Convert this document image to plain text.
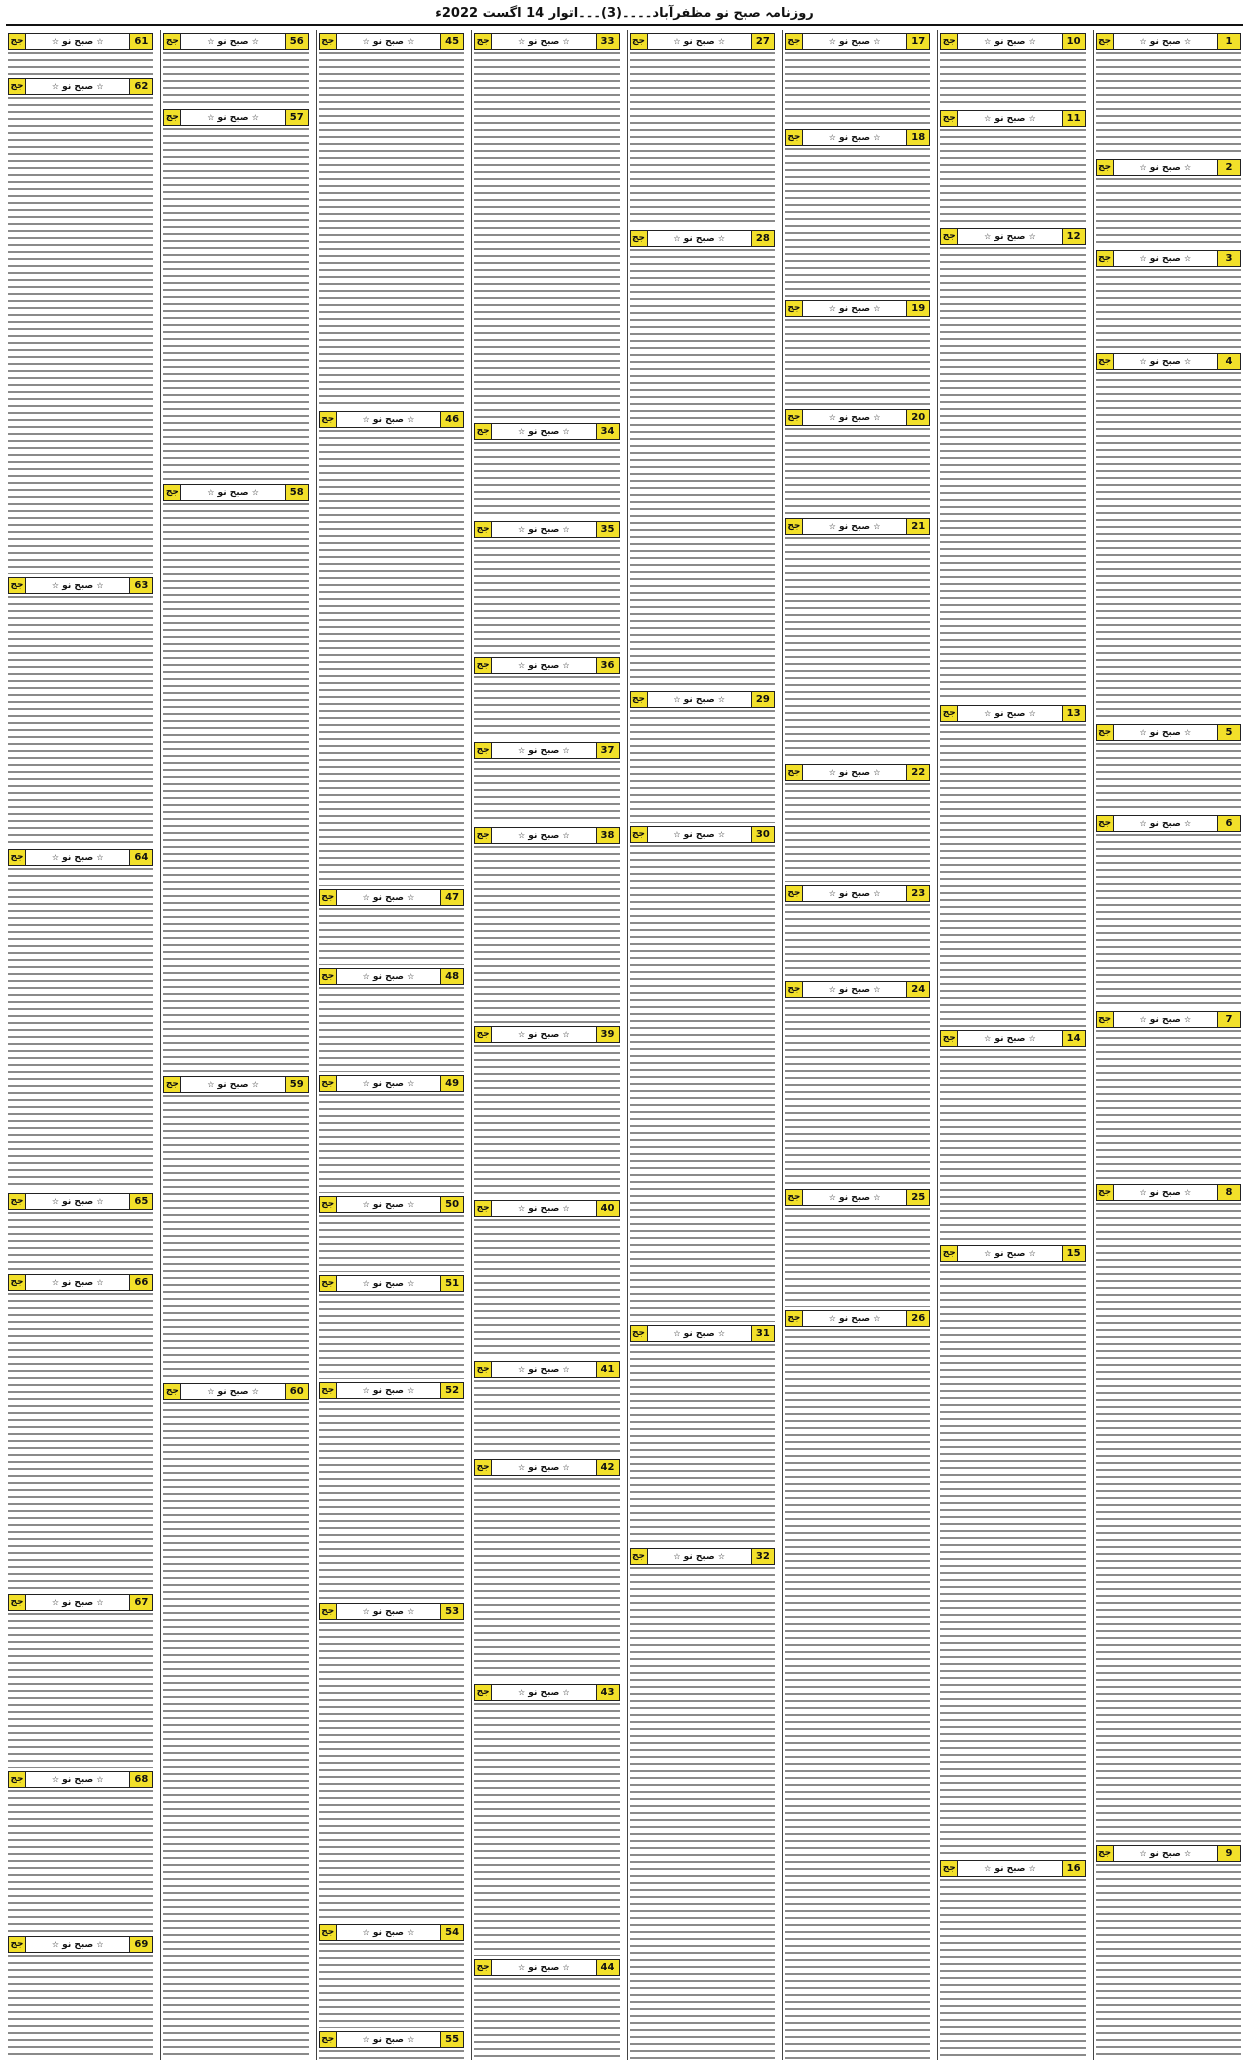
روزنامہ صبح نو مظفرآباد۔۔۔۔(3)۔۔۔اتوار 14 اگست 2022ء
1
☆ صبح نو ☆
جج
2
☆ صبح نو ☆
جج
3
☆ صبح نو ☆
جج
4
☆ صبح نو ☆
جج
5
☆ صبح نو ☆
جج
6
☆ صبح نو ☆
جج
7
☆ صبح نو ☆
جج
8
☆ صبح نو ☆
جج
9
☆ صبح نو ☆
جج
10
☆ صبح نو ☆
جج
11
☆ صبح نو ☆
جج
12
☆ صبح نو ☆
جج
13
☆ صبح نو ☆
جج
14
☆ صبح نو ☆
جج
15
☆ صبح نو ☆
جج
16
☆ صبح نو ☆
جج
17
☆ صبح نو ☆
جج
18
☆ صبح نو ☆
جج
19
☆ صبح نو ☆
جج
20
☆ صبح نو ☆
جج
21
☆ صبح نو ☆
جج
22
☆ صبح نو ☆
جج
23
☆ صبح نو ☆
جج
24
☆ صبح نو ☆
جج
25
☆ صبح نو ☆
جج
26
☆ صبح نو ☆
جج
27
☆ صبح نو ☆
جج
28
☆ صبح نو ☆
جج
29
☆ صبح نو ☆
جج
30
☆ صبح نو ☆
جج
31
☆ صبح نو ☆
جج
32
☆ صبح نو ☆
جج
33
☆ صبح نو ☆
جج
34
☆ صبح نو ☆
جج
35
☆ صبح نو ☆
جج
36
☆ صبح نو ☆
جج
37
☆ صبح نو ☆
جج
38
☆ صبح نو ☆
جج
39
☆ صبح نو ☆
جج
40
☆ صبح نو ☆
جج
41
☆ صبح نو ☆
جج
42
☆ صبح نو ☆
جج
43
☆ صبح نو ☆
جج
44
☆ صبح نو ☆
جج
45
☆ صبح نو ☆
جج
46
☆ صبح نو ☆
جج
47
☆ صبح نو ☆
جج
48
☆ صبح نو ☆
جج
49
☆ صبح نو ☆
جج
50
☆ صبح نو ☆
جج
51
☆ صبح نو ☆
جج
52
☆ صبح نو ☆
جج
53
☆ صبح نو ☆
جج
54
☆ صبح نو ☆
جج
55
☆ صبح نو ☆
جج
56
☆ صبح نو ☆
جج
57
☆ صبح نو ☆
جج
58
☆ صبح نو ☆
جج
59
☆ صبح نو ☆
جج
60
☆ صبح نو ☆
جج
61
☆ صبح نو ☆
جج
62
☆ صبح نو ☆
جج
63
☆ صبح نو ☆
جج
64
☆ صبح نو ☆
جج
65
☆ صبح نو ☆
جج
66
☆ صبح نو ☆
جج
67
☆ صبح نو ☆
جج
68
☆ صبح نو ☆
جج
69
☆ صبح نو ☆
جج
